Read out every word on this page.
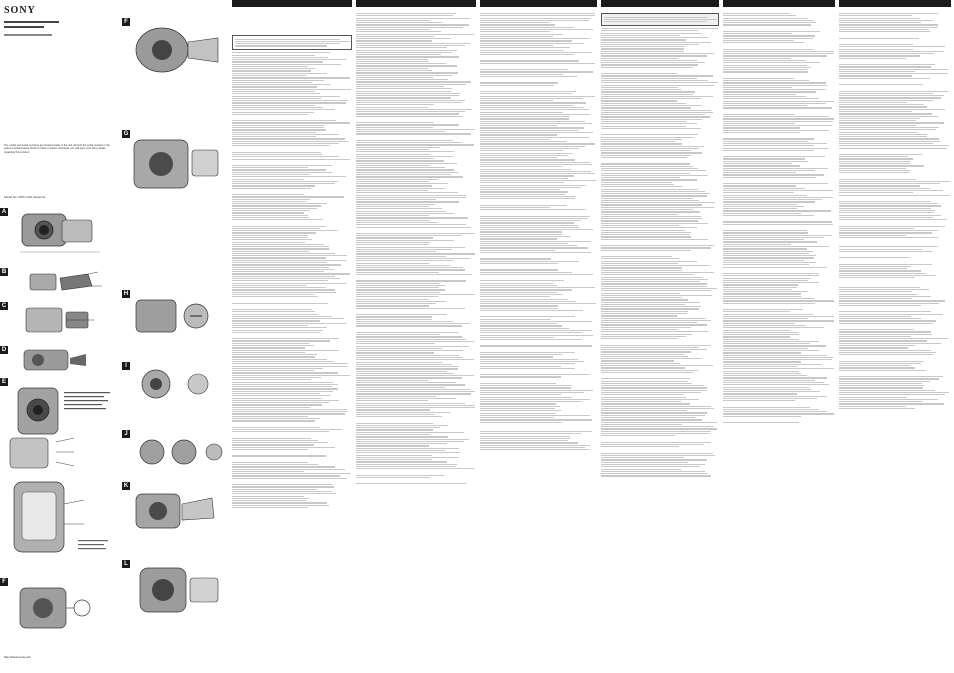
SONY
The model and serial numbers are located inside of the unit. Record the serial number in the space provided below. Refer to these numbers whenever you call upon your Sony dealer regarding this product.
Model No. MPK-THH Serial No.
A
B
C
D
E
F
http://www.sony.net/
F
G
H
I
J
K
L
